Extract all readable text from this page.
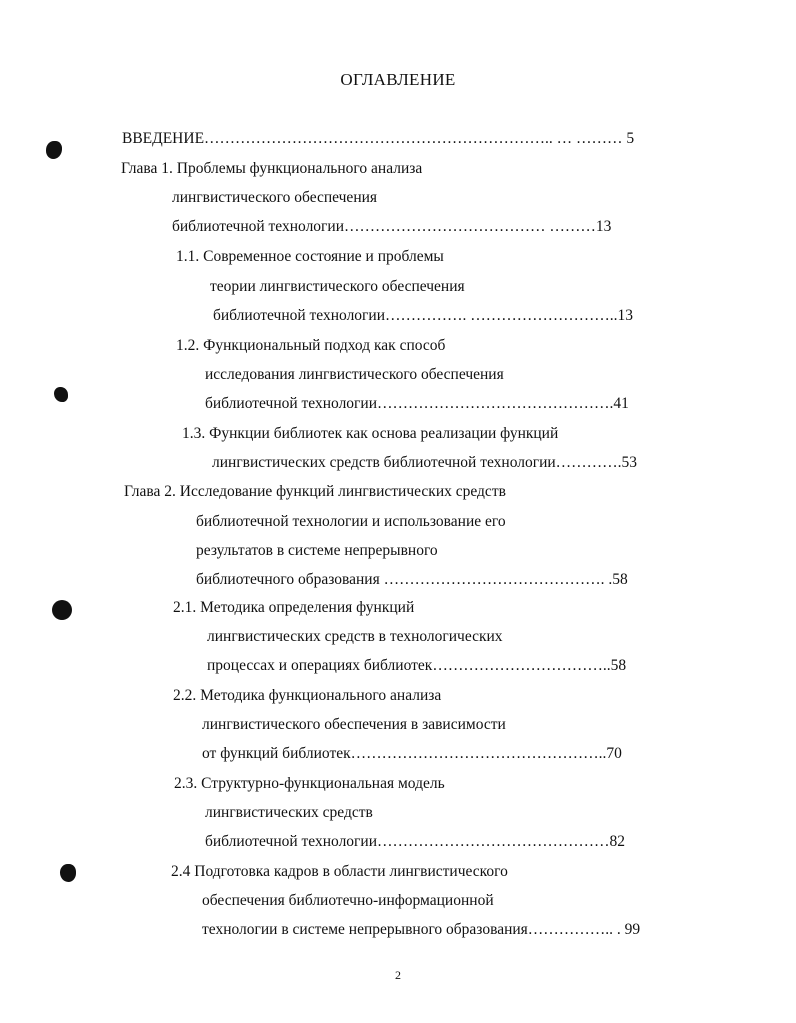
ОГЛАВЛЕНИЕ
ВВЕДЕНИЕ………………………………………………………….. … ……… 5
Глава 1. Проблемы функционального анализа
лингвистического обеспечения
библиотечной технологии………………………………… ………13
1.1. Современное состояние и проблемы
теории лингвистического обеспечения
библиотечной технологии……………. ………………………..13
1.2. Функциональный подход как способ
исследования лингвистического обеспечения
библиотечной технологии……………………………………….41
1.3. Функции библиотек как основа реализации функций
лингвистических средств библиотечной технологии………….53
Глава 2. Исследование функций лингвистических средств
библиотечной технологии и использование его
результатов в системе непрерывного
библиотечного образования ……………………………………. .58
2.1. Методика определения функций
лингвистических средств в технологических
процессах и операциях библиотек……………………………..58
2.2. Методика функционального анализа
лингвистического обеспечения в зависимости
от функций библиотек…………………………………………..70
2.3. Структурно-функциональная модель
лингвистических средств
библиотечной технологии………………………………………82
2.4 Подготовка кадров в области лингвистического
обеспечения библиотечно-информационной
технологии в системе непрерывного образования…………….. . 99
2
